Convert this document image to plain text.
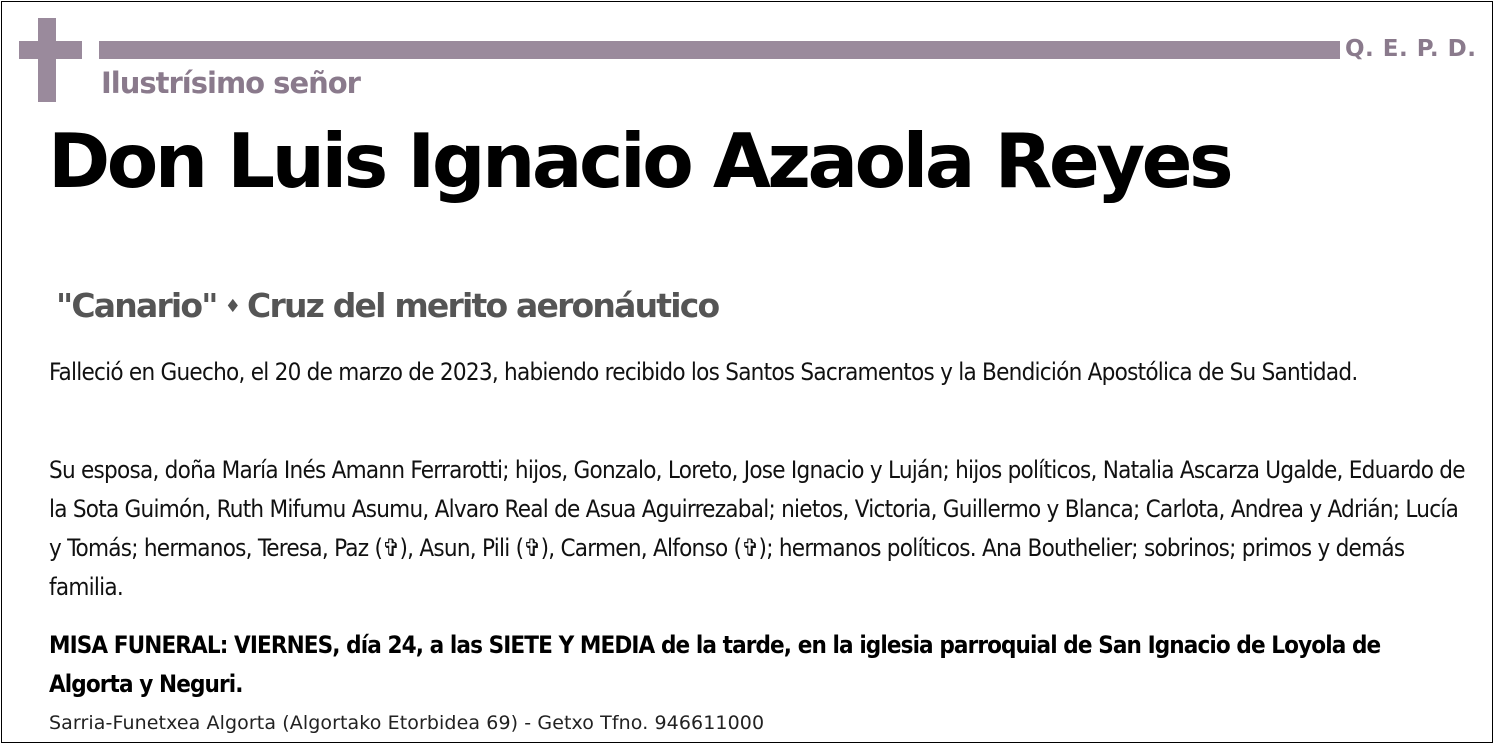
Q. E. P. D.
Ilustrísimo señor
Don Luis Ignacio Azaola Reyes
"Canario" ♦ Cruz del merito aeronáutico

Falleció en Guecho, el 20 de marzo de 2023, habiendo recibido los Santos Sacramentos y la Bendición Apostólica de Su Santidad.

Su esposa, doña María Inés Amann Ferrarotti; hijos, Gonzalo, Loreto, Jose Ignacio y Luján; hijos políticos, Natalia Ascarza Ugalde, Eduardo de la Sota Guimón, Ruth Mifumu Asumu, Alvaro Real de Asua Aguirrezabal; nietos, Victoria, Guillermo y Blanca; Carlota, Andrea y Adrián; Lucía y Tomás; hermanos, Teresa, Paz (✞), Asun, Pili (✞), Carmen, Alfonso (✞); hermanos políticos. Ana Bouthelier; sobrinos; primos y demás familia.

MISA FUNERAL: VIERNES, día 24, a las SIETE Y MEDIA de la tarde, en la iglesia parroquial de San Ignacio de Loyola de Algorta y Neguri.

Sarria-Funetxea Algorta (Algortako Etorbidea 69) - Getxo Tfno. 946611000
